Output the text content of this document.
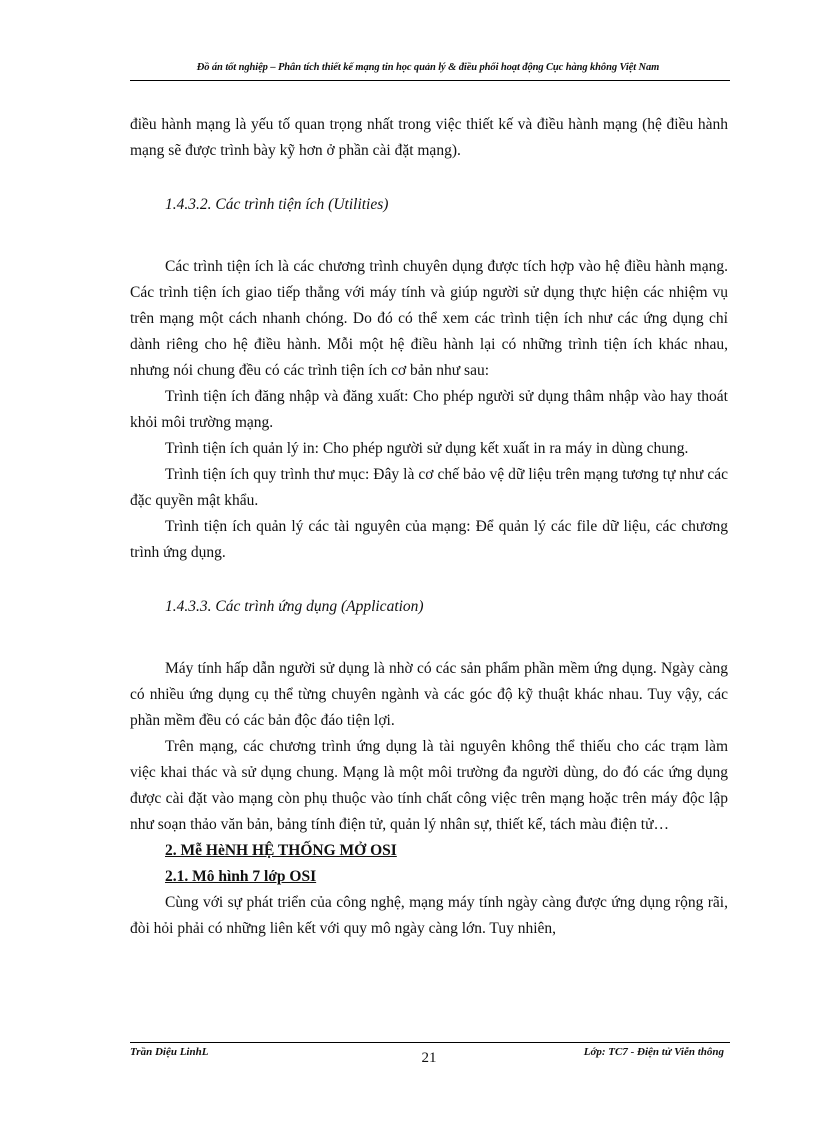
Đồ án tốt nghiệp – Phân tích thiết kế mạng tin học quản lý & điều phối hoạt động Cục hàng không Việt Nam

điều hành mạng là yếu tố quan trọng nhất trong việc thiết kế và điều hành mạng (hệ điều hành mạng sẽ được trình bày kỹ hơn ở phần cài đặt mạng).

1.4.3.2. Các trình tiện ích (Utilities)

Các trình tiện ích là các chương trình chuyên dụng được tích hợp vào hệ điều hành mạng. Các trình tiện ích giao tiếp thẳng với máy tính và giúp người sử dụng thực hiện các nhiệm vụ trên mạng một cách nhanh chóng. Do đó có thể xem các trình tiện ích như các ứng dụng chỉ dành riêng cho hệ điều hành. Mỗi một hệ điều hành lại có những trình tiện ích khác nhau, nhưng nói chung đều có các trình tiện ích cơ bản như sau:

Trình tiện ích đăng nhập và đăng xuất: Cho phép người sử dụng thâm nhập vào hay thoát khỏi môi trường mạng.

Trình tiện ích quản lý in: Cho phép người sử dụng kết xuất in ra máy in dùng chung.

Trình tiện ích quy trình thư mục: Đây là cơ chế bảo vệ dữ liệu trên mạng tương tự như các đặc quyền mật khẩu.

Trình tiện ích quản lý các tài nguyên của mạng: Để quản lý các file dữ liệu, các chương trình ứng dụng.

1.4.3.3. Các trình ứng dụng (Application)

Máy tính hấp dẫn người sử dụng là nhờ có các sản phẩm phần mềm ứng dụng. Ngày càng có nhiều ứng dụng cụ thể từng chuyên ngành và các góc độ kỹ thuật khác nhau. Tuy vậy, các phần mềm đều có các bản độc đáo tiện lợi.

Trên mạng, các chương trình ứng dụng là tài nguyên không thể thiếu cho các trạm làm việc khai thác và sử dụng chung. Mạng là một môi trường đa người dùng, do đó các ứng dụng được cài đặt vào mạng còn phụ thuộc vào tính chất công việc trên mạng hoặc trên máy độc lập như soạn thảo văn bản, bảng tính điện tử, quản lý nhân sự, thiết kế, tách màu điện tử…

2. Mễ HèNH HỆ THỐNG MỞ OSI

2.1. Mô hình 7 lớp OSI

Cùng với sự phát triển của công nghệ, mạng máy tính ngày càng được ứng dụng rộng rãi, đòi hỏi phải có những liên kết với quy mô ngày càng lớn. Tuy nhiên,

Trần Diệu LinhL	21	Lớp: TC7 - Điện tử Viễn thông
